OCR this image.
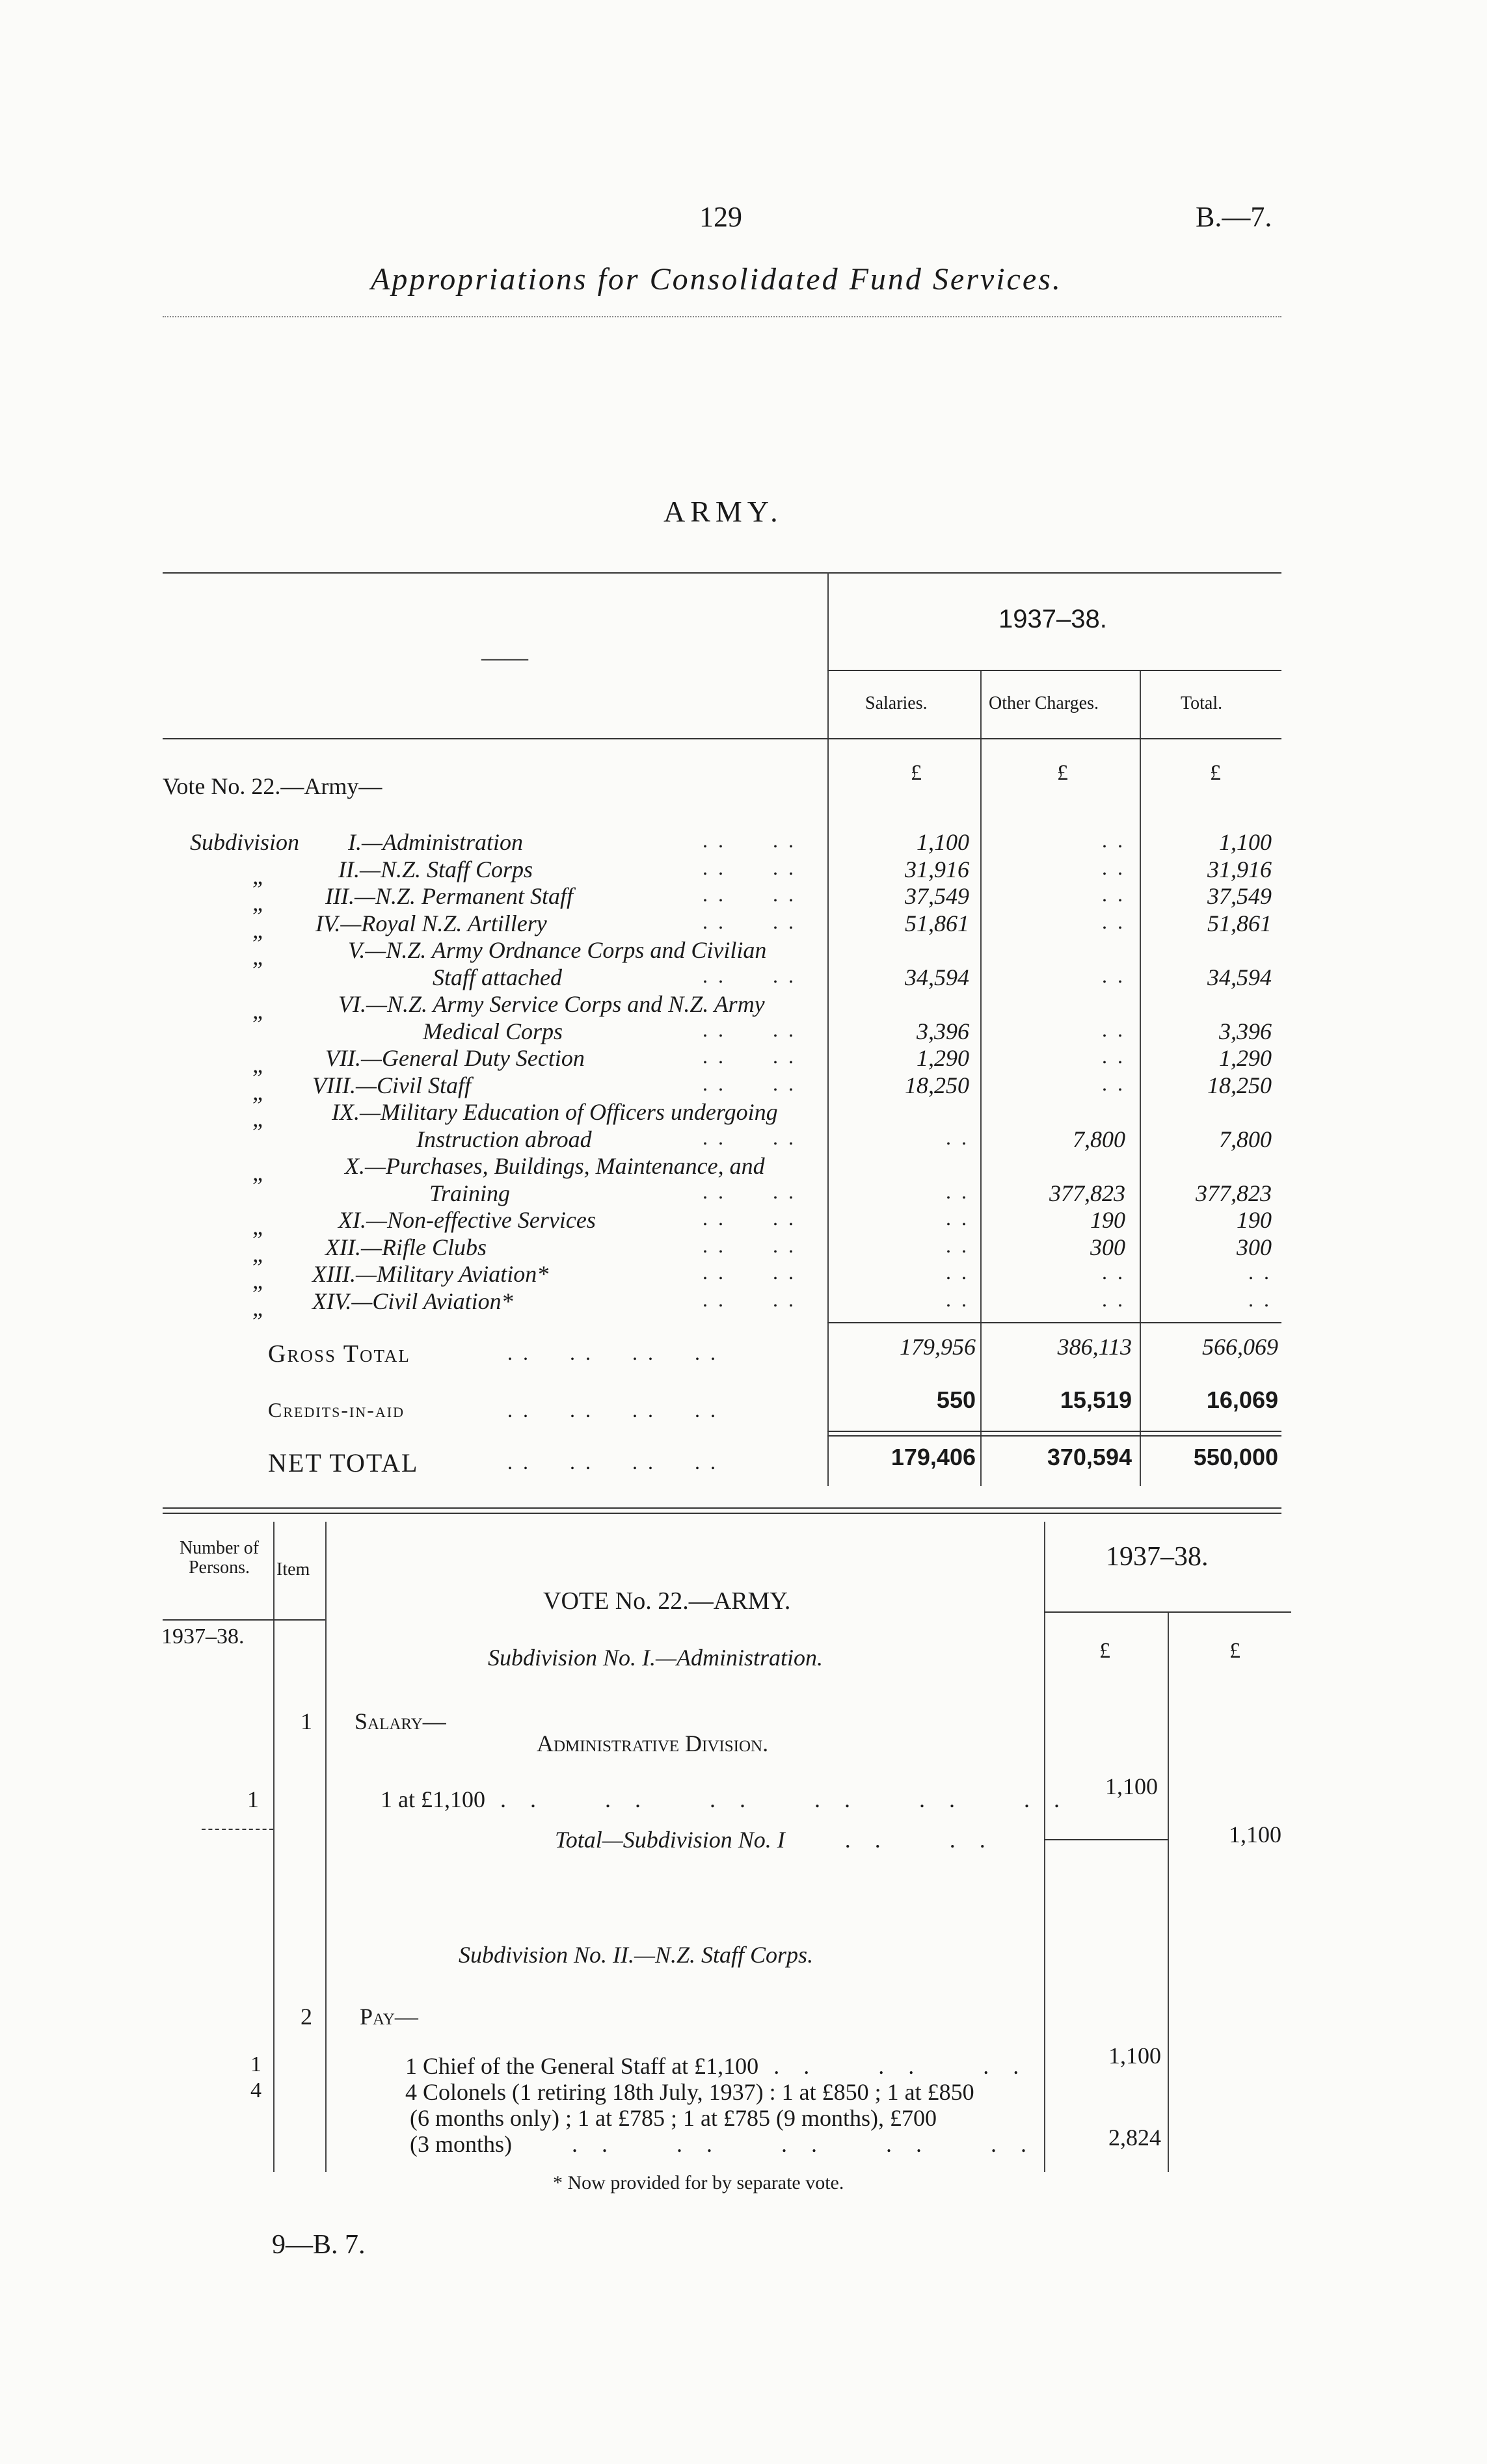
129	B.—7.
Appropriations for Consolidated Fund Services.
ARMY.
——
1937–38.
Salaries.	Other Charges.	Total.
Vote No. 22.—Army—
£	£	£
Subdivision I.—Administration	. .      . .	1,100	. .	1,100
„	II.—N.Z. Staff Corps	. .      . .	31,916	. .	31,916
„	III.—N.Z. Permanent Staff	. .      . .	37,549	. .	37,549
„ IV.—Royal N.Z. Artillery	. .      . .	51,861	. .	51,861
„	V.—N.Z. Army Ordnance Corps and Civilian
Staff attached	. .      . .	34,594	. .	34,594
„	VI.—N.Z. Army Service Corps and N.Z. Army
Medical Corps	. .      . .	3,396	. .	3,396
„	VII.—General Duty Section	. .      . .	1,290	. .	1,290
„ VIII.—Civil Staff	. .      . .	18,250	. .	18,250
„	IX.—Military Education of Officers undergoing
Instruction abroad	. .      . .	. .	7,800	7,800
„	X.—Purchases, Buildings, Maintenance, and
Training	. .      . .	. .	377,823	377,823
„	XI.—Non-effective Services	. .      . .	. .	190	190
„	XII.—Rifle Clubs	. .      . .	. .	300	300
„ XIII.—Military Aviation*	. .      . .	. .	. .	. .
„ XIV.—Civil Aviation*	. .      . .	. .	. .	. .
Gross Total	. .     . .     . .     . .	179,956	386,113	566,069
Credits-in-aid	. .     . .     . .     . .	550	15,519	16,069
NET TOTAL	. .     . .     . .     . .	179,406	370,594	550,000
Number of Persons.	Item	1937–38.
1937–38.
VOTE No. 22.—ARMY.
£	£
Subdivision No. I.—Administration.
1 Salary—
Administrative Division.
1	1 at £1,100 . .    . .    . .    . .    . .    . .	1,100
Total—Subdivision No. I    . .    . .	1,100
Subdivision No. II.—N.Z. Staff Corps.
2 Pay—
1	1 Chief of the General Staff at £1,100 . .    . .    . .	1,100
4	4 Colonels (1 retiring 18th July, 1937) : 1 at £850 ; 1 at £850
(6 months only) ; 1 at £785 ; 1 at £785 (9 months), £700
(3 months)    . .    . .    . .    . .    . .	2,824
* Now provided for by separate vote.
9—B. 7.
